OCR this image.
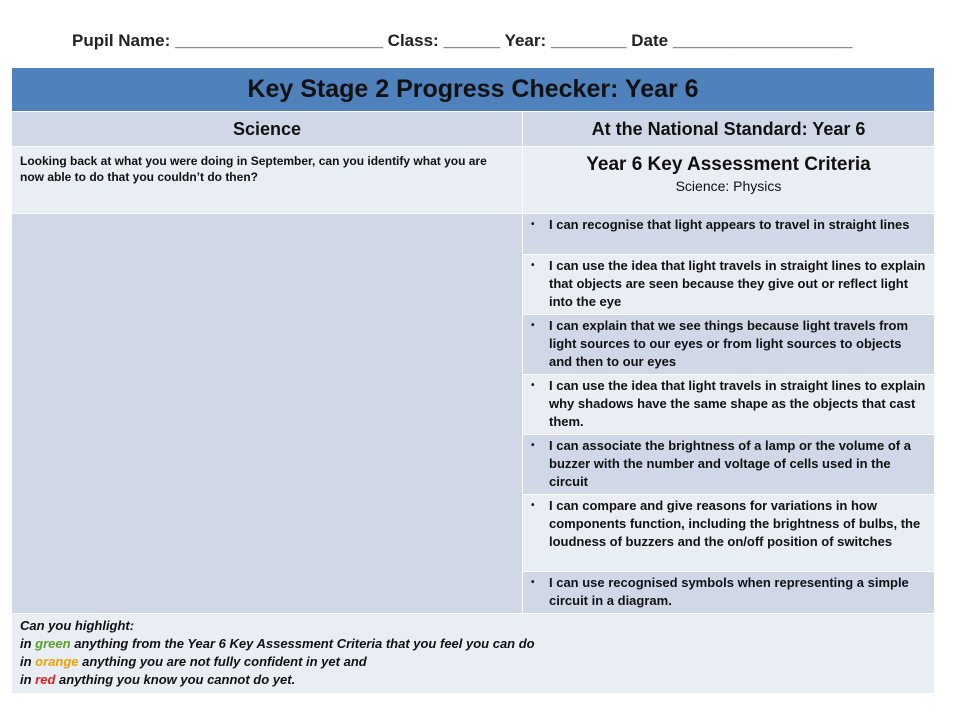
Pupil Name: ______________________ Class: ______ Year: ________ Date ___________________
Key Stage 2 Progress Checker: Year 6	
Science	At the National Standard: Year 6
Looking back at what you were doing in September, can you identify what you are now able to do that you couldn’t do then?	Year 6 Key Assessment Criteria
Science: Physics

	• I can recognise that light appears to travel in straight lines

	• I can use the idea that light travels in straight lines to explain that objects are seen because they give out or reflect light into the eye

	• I can explain that we see things because light travels from light sources to our eyes or from light sources to objects and then to our eyes

	• I can use the idea that light travels in straight lines to explain why shadows have the same shape as the objects that cast them.

	• I can associate the brightness of a lamp or the volume of a buzzer with the number and voltage of cells used in the circuit

	• I can compare and give reasons for variations in how components function, including the brightness of bulbs, the loudness of buzzers and the on/off position of switches

	• I can use recognised symbols when representing a simple circuit in a diagram.

Can you highlight:
in green anything from the Year 6 Key Assessment Criteria that you feel you can do
in orange anything you are not fully confident in yet and
in red anything you know you cannot do yet.	
